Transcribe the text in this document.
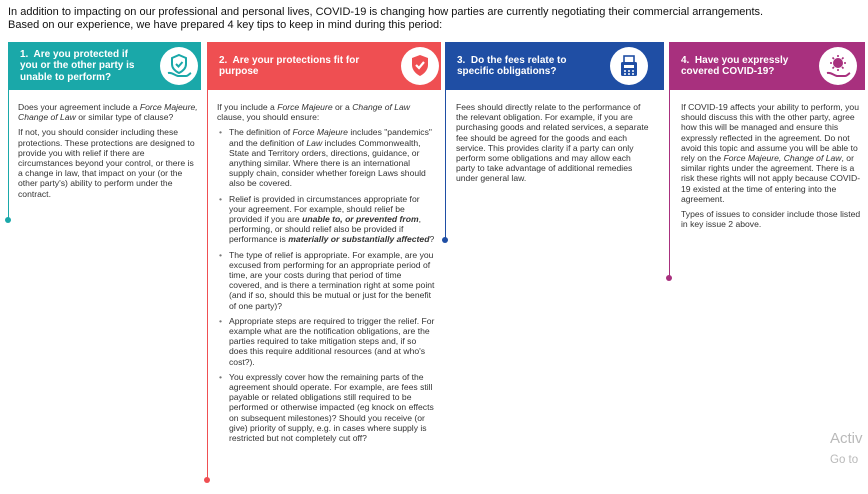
In addition to impacting on our professional and personal lives, COVID-19 is changing how parties are currently negotiating their commercial arrangements.

Based on our experience, we have prepared 4 key tips to keep in mind during this period:

1. Are you protected if you or the other party is unable to perform?
2. Are your protections fit for purpose
3. Do the fees relate to specific obligations?
4. Have you expressly covered COVID-19?

Does your agreement include a Force Majeure, Change of Law or similar type of clause?

If not, you should consider including these protections. These protections are designed to provide you with relief if there are circumstances beyond your control, or there is a change in law, that impact on your (or the other party's) ability to perform under the contract.

If you include a Force Majeure or a Change of Law clause, you should ensure:

• The definition of Force Majeure includes "pandemics" and the definition of Law includes Commonwealth, State and Territory orders, directions, guidance, or anything similar. Where there is an international supply chain, consider whether foreign Laws should also be covered.
• Relief is provided in circumstances appropriate for your agreement. For example, should relief be provided if you are unable to, or prevented from, performing, or should relief also be provided if performance is materially or substantially affected?
• The type of relief is appropriate. For example, are you excused from performing for an appropriate period of time, are your costs during that period of time covered, and is there a termination right at some point (and if so, should this be mutual or just for the benefit of one party)?
• Appropriate steps are required to trigger the relief. For example what are the notification obligations, are the parties required to take mitigation steps and, if so does this require additional resources (and at who's cost?).
• You expressly cover how the remaining parts of the agreement should operate. For example, are fees still payable or related obligations still required to be performed or otherwise impacted (eg knock on effects on subsequent milestones)? Should you receive (or give) priority of supply, e.g. in cases where supply is restricted but not completely cut off?

Fees should directly relate to the performance of the relevant obligation. For example, if you are purchasing goods and related services, a separate fee should be agreed for the goods and each service. This provides clarity if a party can only perform some obligations and may allow each party to take advantage of additional remedies under general law.

If COVID-19 affects your ability to perform, you should discuss this with the other party, agree how this will be managed and ensure this expressly reflected in the agreement. Do not avoid this topic and assume you will be able to rely on the Force Majeure, Change of Law, or similar rights under the agreement. There is a risk these rights will not apply because COVID-19 existed at the time of entering into the agreement.

Types of issues to consider include those listed in key issue 2 above.

Activ
Go to
